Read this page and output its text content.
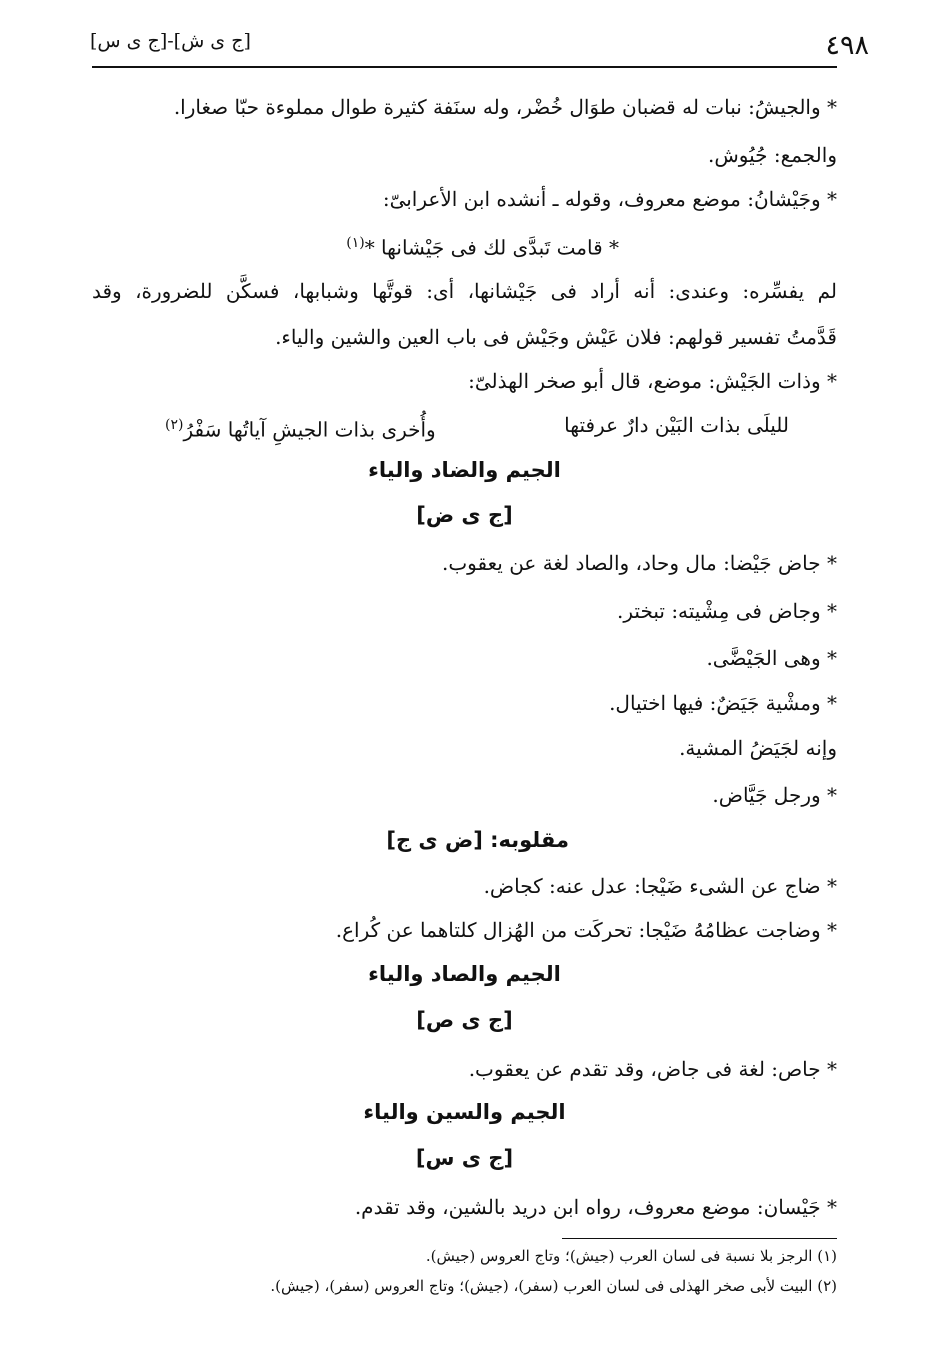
٤٩٨
[ج ى ش]-[ج ى س]
* والجيشُ: نبات له قضبان طوَال خُضْر، وله سنَفة كثيرة طوال مملوءة حبّا صغارا.
والجمع: جُيُوش.
* وجَيْشانُ: موضع معروف، وقوله ـ أنشده ابن الأعرابىّ:
* قامت تَبدَّى لك فى جَيْشانها *$^{(١)}$
لم يفسِّره: وعندى: أنه أراد فى جَيْشانها، أى: قوتَّها وشبابها، فسكَّن للضرورة، وقد
قَدَّمتُ تفسير قولهم: فلان عَيْش وجَيْش فى باب العين والشين والياء.
* وذات الجَيْش: موضع، قال أبو صخر الهذلىّ:
لليلَى بذات البَيْن دارٌ عرفتها
وأُخرى بذات الجيشِ آياتُها سَفْرُ$^{(٢)}$
الجيم والضاد والياء
[ج ى ض]
* جاض جَيْضا: مال وحاد، والصاد لغة عن يعقوب.
* وجاض فى مِشْيته: تبختر.
* وهى الجَيْضَّى.
* ومشْية جَيَضٌ: فيها اختيال.
وإنه لجَيَضُ المشية.
* ورجل جَيَّاض.
مقلوبه: [ض ى ج]
* ضاج عن الشىء ضَيْجا: عدل عنه: كجاض.
* وضاجت عظامُهُ ضَيْجا: تحركَت من الهُزال كلتاهما عن كُراع.
الجيم والصاد والياء
[ج ى ص]
* جاص: لغة فى جاض، وقد تقدم عن يعقوب.
الجيم والسين والياء
[ج ى س]
* جَيْسان: موضع معروف، رواه ابن دريد بالشين، وقد تقدم.
(١) الرجز بلا نسبة فى لسان العرب (جيش)؛ وتاج العروس (جيش).
(٢) البيت لأبى صخر الهذلى فى لسان العرب (سفر)، (جيش)؛ وتاج العروس (سفر)، (جيش).
